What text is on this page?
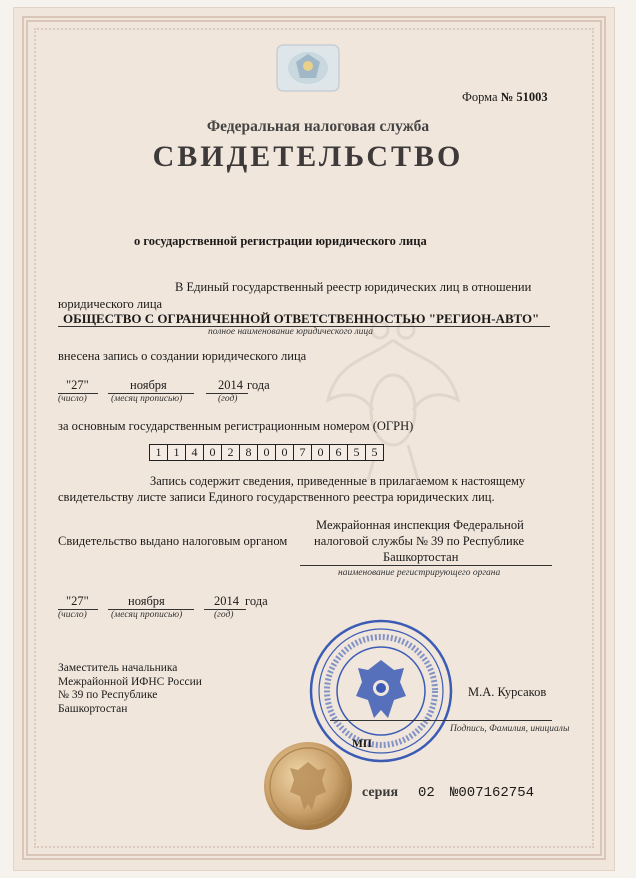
Форма № 51003
Федеральная налоговая служба
СВИДЕТЕЛЬСТВО
о государственной регистрации юридического лица
В Единый государственный реестр юридических лиц в отношении
юридического лица
ОБЩЕСТВО С ОГРАНИЧЕННОЙ ОТВЕТСТВЕННОСТЬЮ "РЕГИОН-АВТО"
полное наименование юридического лица
внесена запись о создании юридического лица
"27"
(число)
ноября
(месяц прописью)
2014 года
(год)
за основным государственным регистрационным номером (ОГРН)
1	1	4	0	2	8	0	0	7	0	6	5	5
Запись содержит сведения, приведенные в прилагаемом к настоящему
свидетельству листе записи Единого государственного реестра юридических лиц.
Свидетельство выдано налоговым органом
Межрайонная инспекция Федеральной
налоговой службы № 39 по Республике
Башкортостан
наименование регистрирующего органа
"27"
(число)
ноября
(месяц прописью)
2014 года
(год)
Заместитель начальника
Межрайонной ИФНС России
№ 39 по Республике
Башкортостан
М.А. Курсаков
Подпись, Фамилия, инициалы
МП
серия 02 №007162754
